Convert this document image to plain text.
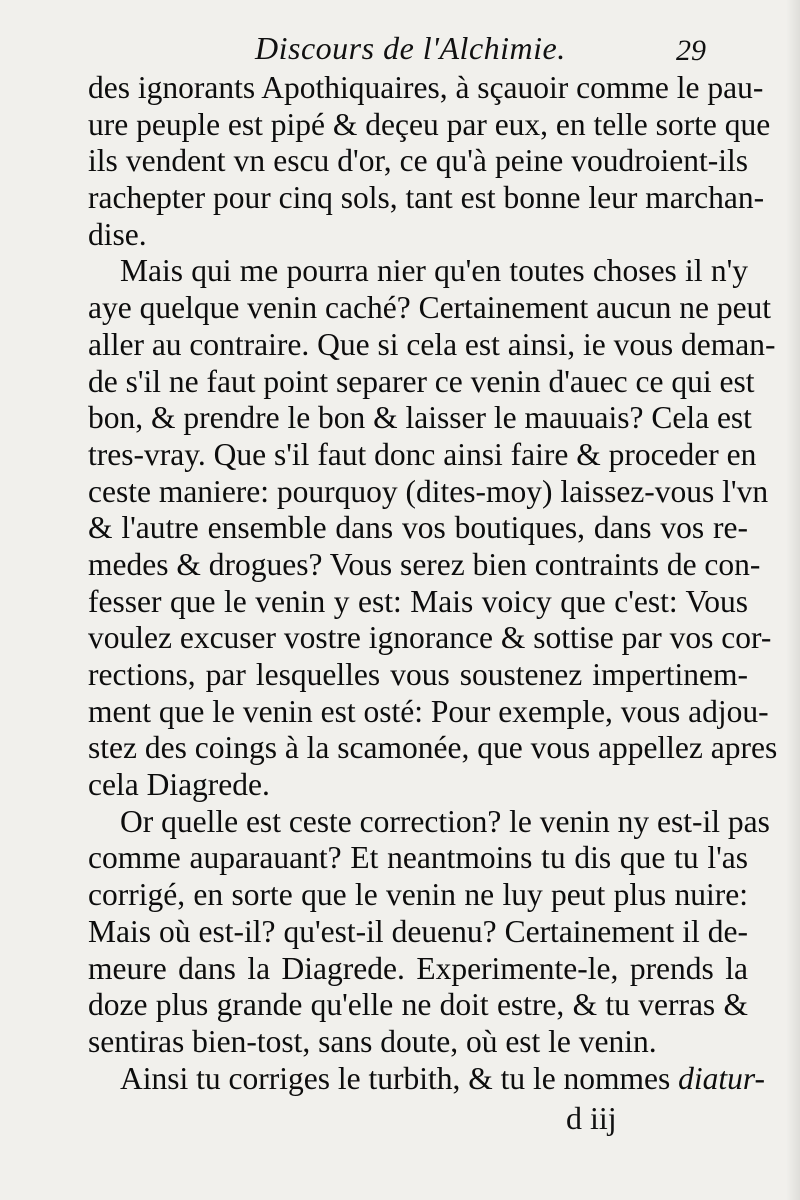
Discours de l'Alchimie.	29
des ignorants Apothiquaires, à sçauoir comme le pau-
ure peuple est pipé & deçeu par eux, en telle sorte que
ils vendent vn escu d'or, ce qu'à peine voudroient-ils
rachepter pour cinq sols, tant est bonne leur marchan-
dise.
Mais qui me pourra nier qu'en toutes choses il n'y
aye quelque venin caché? Certainement aucun ne peut
aller au contraire. Que si cela est ainsi, ie vous deman-
de s'il ne faut point separer ce venin d'auec ce qui est
bon, & prendre le bon & laisser le mauuais? Cela est
tres-vray. Que s'il faut donc ainsi faire & proceder en
ceste maniere: pourquoy (dites-moy) laissez-vous l'vn
& l'autre ensemble dans vos boutiques, dans vos re-
medes & drogues? Vous serez bien contraints de con-
fesser que le venin y est: Mais voicy que c'est: Vous
voulez excuser vostre ignorance & sottise par vos cor-
rections, par lesquelles vous soustenez impertinem-
ment que le venin est osté: Pour exemple, vous adjou-
stez des coings à la scamonée, que vous appellez apres
cela Diagrede.
Or quelle est ceste correction? le venin ny est-il pas
comme auparauant? Et neantmoins tu dis que tu l'as
corrigé, en sorte que le venin ne luy peut plus nuire:
Mais où est-il? qu'est-il deuenu? Certainement il de-
meure dans la Diagrede. Experimente-le, prends la
doze plus grande qu'elle ne doit estre, & tu verras &
sentiras bien-tost, sans doute, où est le venin.
Ainsi tu corriges le turbith, & tu le nommes diatur-
d iij
